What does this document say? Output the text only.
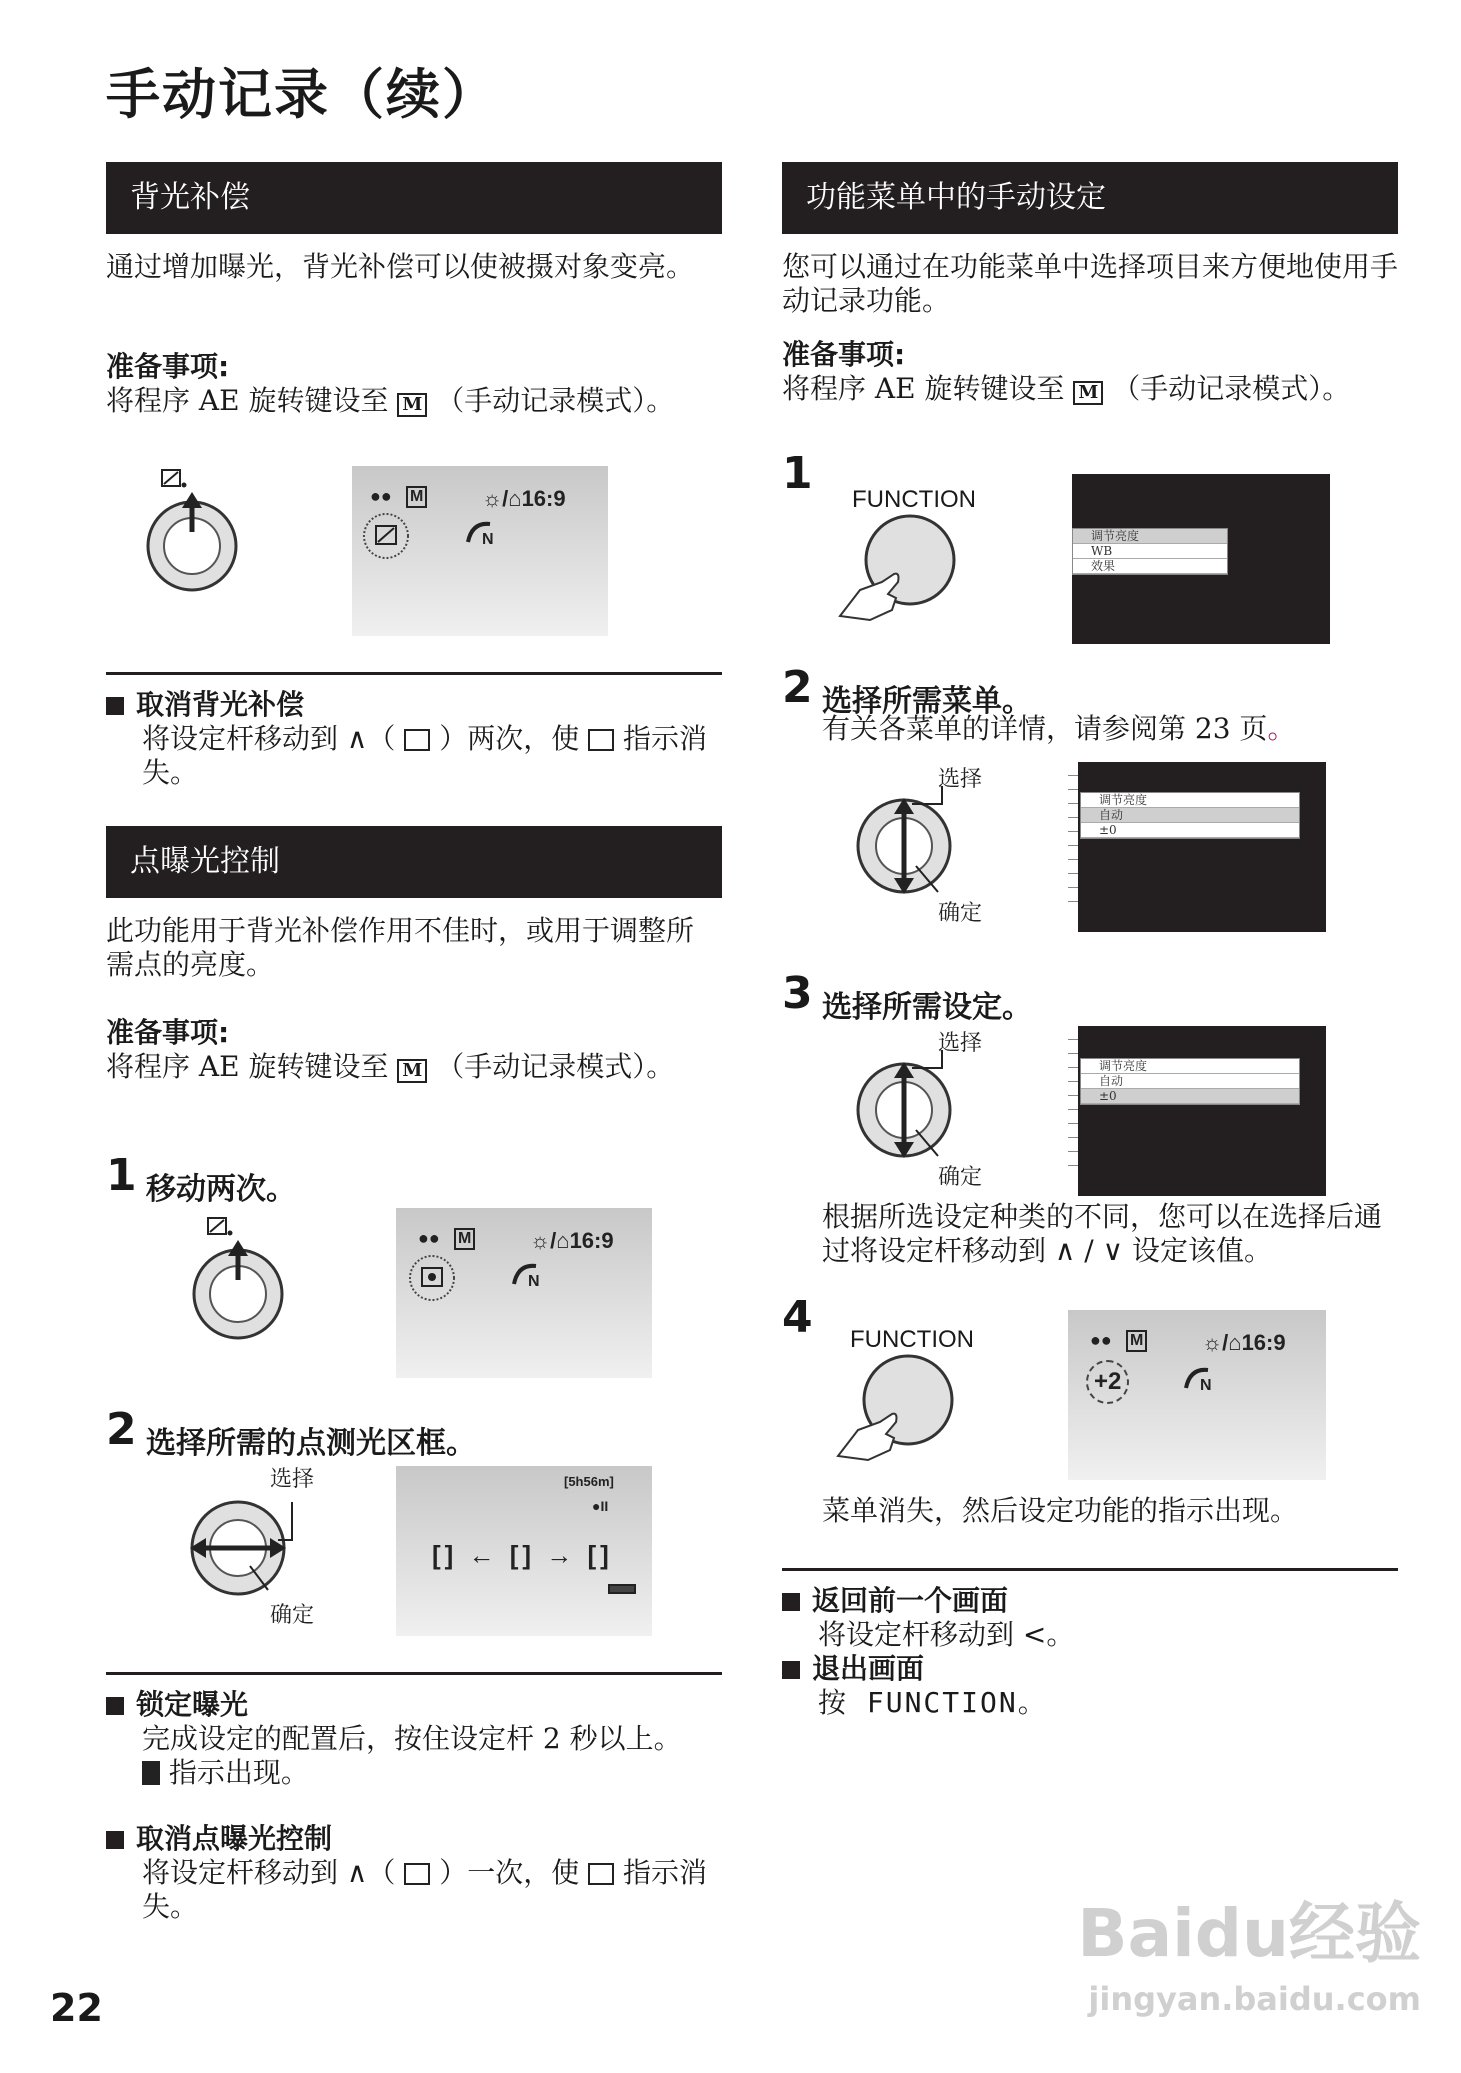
手动记录（续）
背光补偿
通过增加曝光，背光补偿可以使被摄对象变亮。
准备事项:
将程序 AE 旋转键设至 M （手动记录模式）。
●● M	☼/⌂16:9
N
取消背光补偿
将设定杆移动到 ∧（ ）两次，使 指示消失。
点曝光控制
此功能用于背光补偿作用不佳时，或用于调整所需点的亮度。
准备事项:
将程序 AE 旋转键设至 M （手动记录模式）。
1 移动两次。
●● M	☼/⌂16:9
N
2 选择所需的点测光区框。
选择
确定
[5h56m]
●II
[] ← [] → []
锁定曝光
完成设定的配置后，按住设定杆 2 秒以上。  指示出现。
取消点曝光控制
将设定杆移动到 ∧（ ）一次，使 指示消失。
功能菜单中的手动设定
您可以通过在功能菜单中选择项目来方便地使用手动记录功能。
准备事项:
将程序 AE 旋转键设至 M （手动记录模式）。
1
FUNCTION
调节亮度
WB
效果
2 选择所需菜单。
有关各菜单的详情，请参阅第 23 页。
选择
确定
调节亮度
自动
±0
3 选择所需设定。
选择
确定
调节亮度
自动
±0
根据所选设定种类的不同，您可以在选择后通过将设定杆移动到 ∧ / ∨ 设定该值。
4 FUNCTION	●● M	☼/⌂16:9
+2	N
菜单消失，然后设定功能的指示出现。
返回前一个画面
将设定杆移动到 <。
退出画面
按 FUNCTION。
22
Baidu经验
jingyan.baidu.com
